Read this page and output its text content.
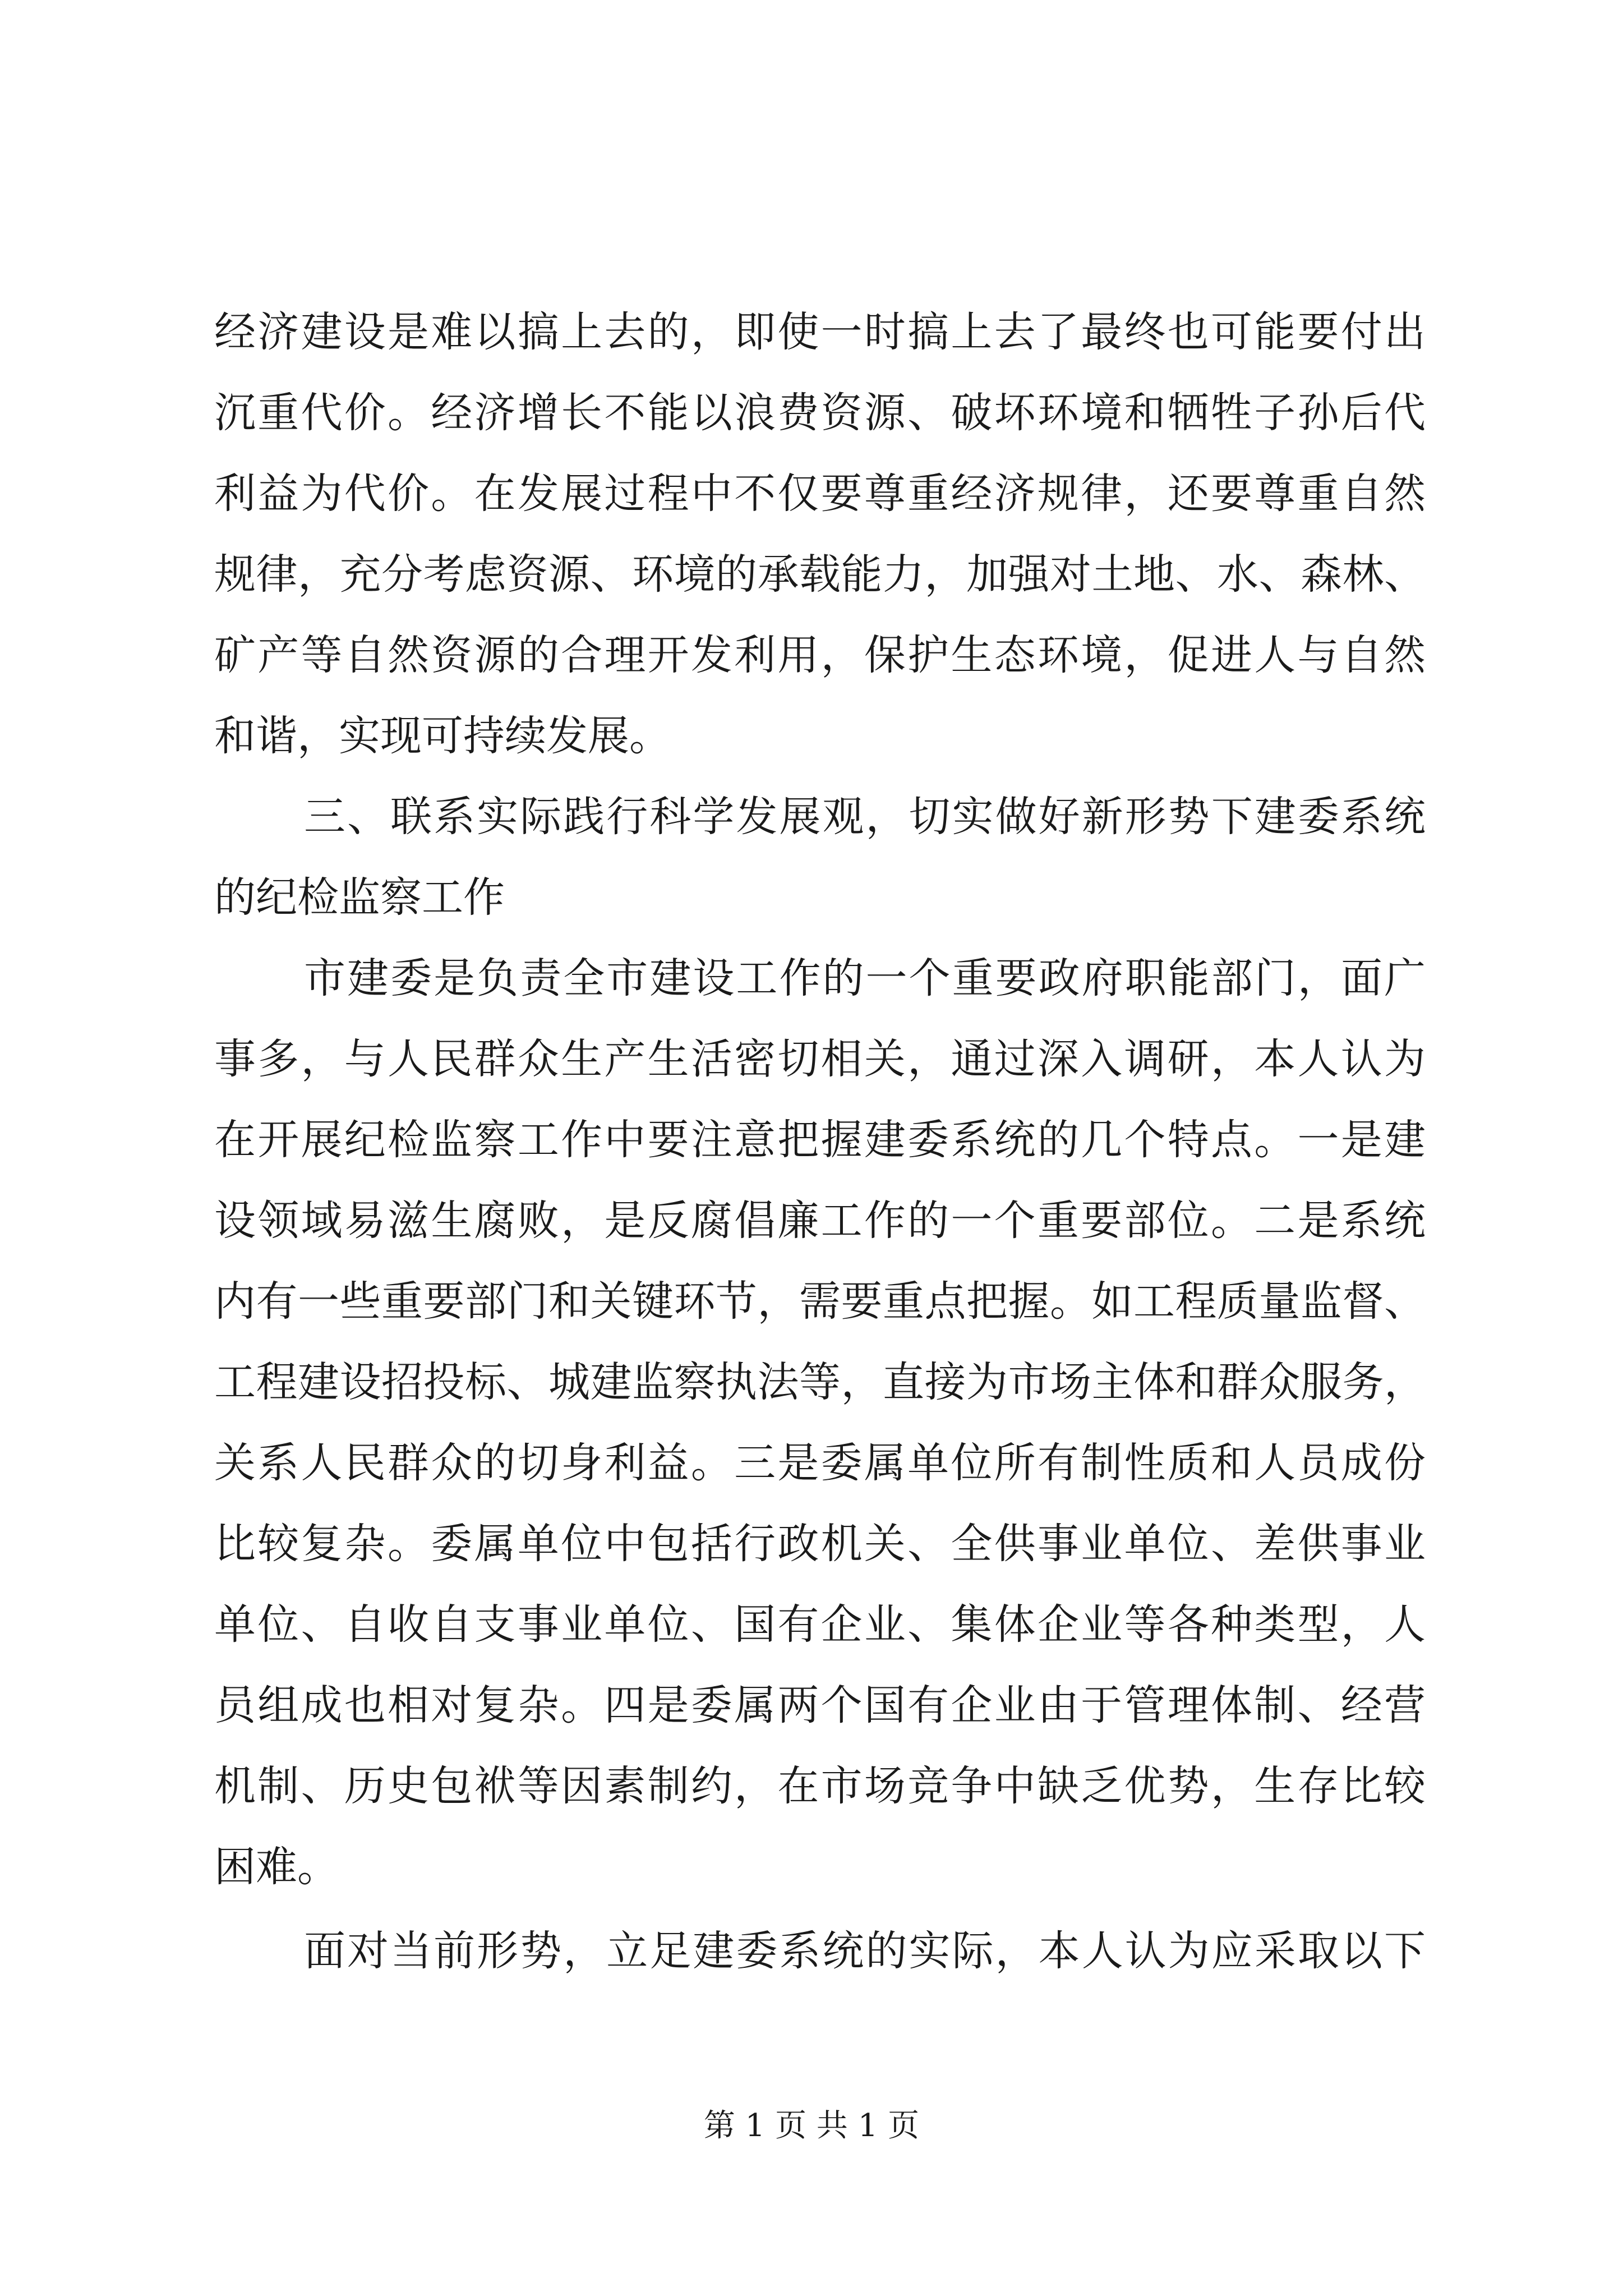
经济建设是难以搞上去的，即使一时搞上去了最终也可能要付出
沉重代价。经济增长不能以浪费资源、破坏环境和牺牲子孙后代
利益为代价。在发展过程中不仅要尊重经济规律，还要尊重自然
规律，充分考虑资源、环境的承载能力，加强对土地、水、森林、
矿产等自然资源的合理开发利用，保护生态环境，促进人与自然
和谐，实现可持续发展。
三、联系实际践行科学发展观，切实做好新形势下建委系统
的纪检监察工作
市建委是负责全市建设工作的一个重要政府职能部门，面广
事多，与人民群众生产生活密切相关，通过深入调研，本人认为
在开展纪检监察工作中要注意把握建委系统的几个特点。一是建
设领域易滋生腐败，是反腐倡廉工作的一个重要部位。二是系统
内有一些重要部门和关键环节，需要重点把握。如工程质量监督、
工程建设招投标、城建监察执法等，直接为市场主体和群众服务，
关系人民群众的切身利益。三是委属单位所有制性质和人员成份
比较复杂。委属单位中包括行政机关、全供事业单位、差供事业
单位、自收自支事业单位、国有企业、集体企业等各种类型，人
员组成也相对复杂。四是委属两个国有企业由于管理体制、经营
机制、历史包袱等因素制约，在市场竞争中缺乏优势，生存比较
困难。
面对当前形势，立足建委系统的实际，本人认为应采取以下
第 1 页 共 1 页
